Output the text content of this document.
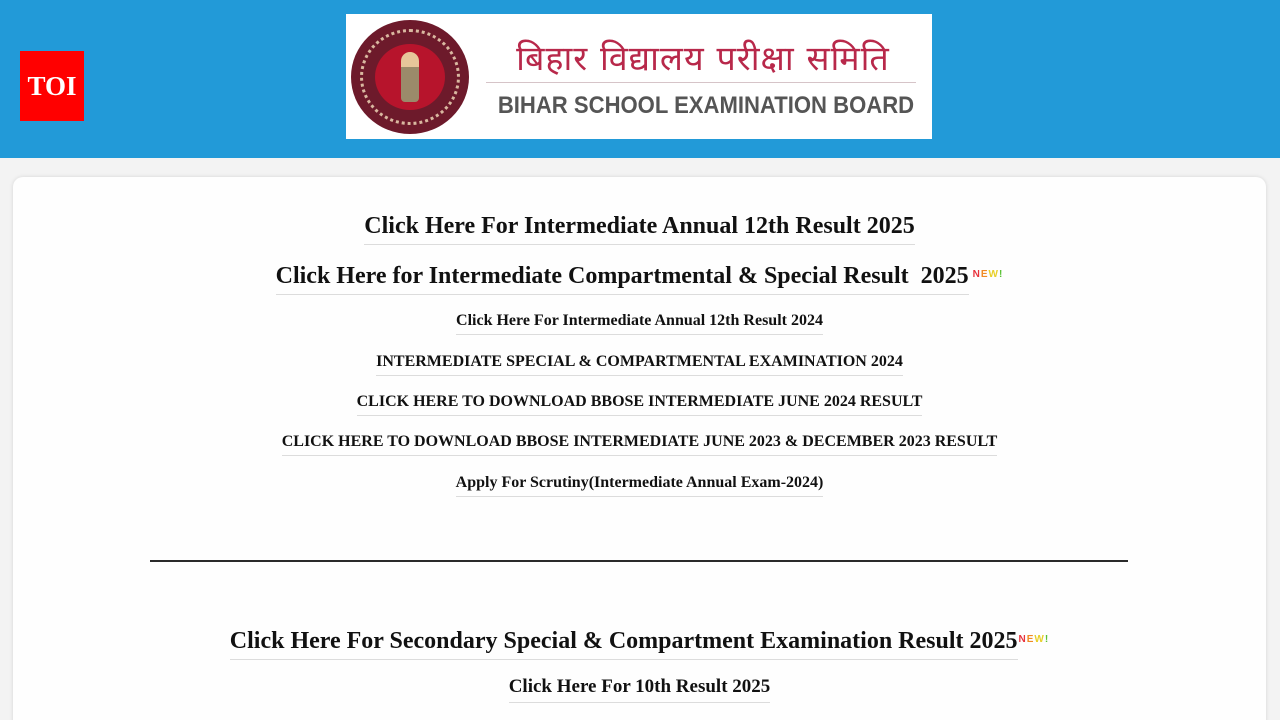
TOI
बिहार विद्यालय परीक्षा समिति
BIHAR SCHOOL EXAMINATION BOARD
Click Here For Intermediate Annual 12th Result 2025
Click Here for Intermediate Compartmental & Special Result  2025 NEW!
Click Here For Intermediate Annual 12th Result 2024
INTERMEDIATE SPECIAL & COMPARTMENTAL EXAMINATION 2024
CLICK HERE TO DOWNLOAD BBOSE INTERMEDIATE JUNE 2024 RESULT
CLICK HERE TO DOWNLOAD BBOSE INTERMEDIATE JUNE 2023 & DECEMBER 2023 RESULT
Apply For Scrutiny(Intermediate Annual Exam-2024)
Click Here For Secondary Special & Compartment Examination Result 2025NEW!
Click Here For 10th Result 2025
